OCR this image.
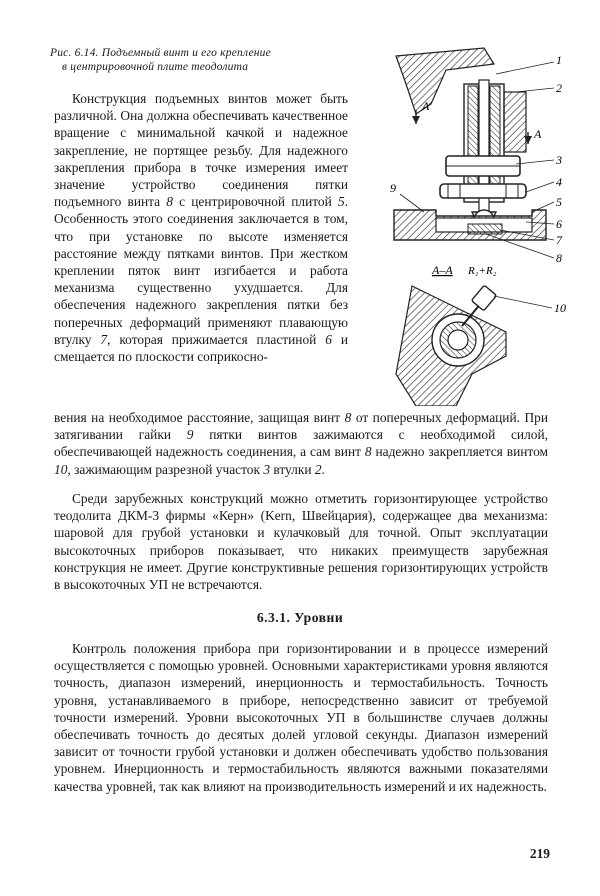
Рис. 6.14. Подъемный винт и его крепление
в центрировочной плите теодолита
A
A
1
2
3
4
5
6
7
8
9
A–A R₁+R₂
10

Конструкция подъемных винтов может быть различной. Она должна обеспечивать качественное вращение с минимальной качкой и надежное закрепление, не портящее резьбу. Для надежного закрепления прибора в точке измерения имеет значение устройство соединения пятки подъемного винта 8 с центрировочной плитой 5. Особенность этого соединения заключается в том, что при установке по высоте изменяется расстояние между пятками винтов. При жестком креплении пяток винт изгибается и работа механизма существенно ухудшается. Для обеспечения надежного закрепления пятки без поперечных деформаций применяют плавающую втулку 7, которая прижимается пластиной 6 и смещается по плоскости соприкосно-

вения на необходимое расстояние, защищая винт 8 от поперечных деформаций. При затягивании гайки 9 пятки винтов зажимаются с необходимой силой, обеспечивающей надежность соединения, а сам винт 8 надежно закрепляется винтом 10, зажимающим разрезной участок 3 втулки 2.

Среди зарубежных конструкций можно отметить горизонтирующее устройство теодолита ДКМ-3 фирмы «Керн» (Kern, Швейцария), содержащее два механизма: шаровой для грубой установки и кулачковый для точной. Опыт эксплуатации высокоточных приборов показывает, что никаких преимуществ зарубежная конструкция не имеет. Другие конструктивные решения горизонтирующих устройств в высокоточных УП не встречаются.

6.3.1. Уровни

Контроль положения прибора при горизонтировании и в процессе измерений осуществляется с помощью уровней. Основными характеристиками уровня являются точность, диапазон измерений, инерционность и термостабильность. Точность уровня, устанавливаемого в приборе, непосредственно зависит от требуемой точности измерений. Уровни высокоточных УП в большинстве случаев должны обеспечивать точность до десятых долей угловой секунды. Диапазон измерений зависит от точности грубой установки и должен обеспечивать удобство пользования уровнем. Инерционность и термостабильность являются важными показателями качества уровней, так как влияют на производительность измерений и их надежность.

219
